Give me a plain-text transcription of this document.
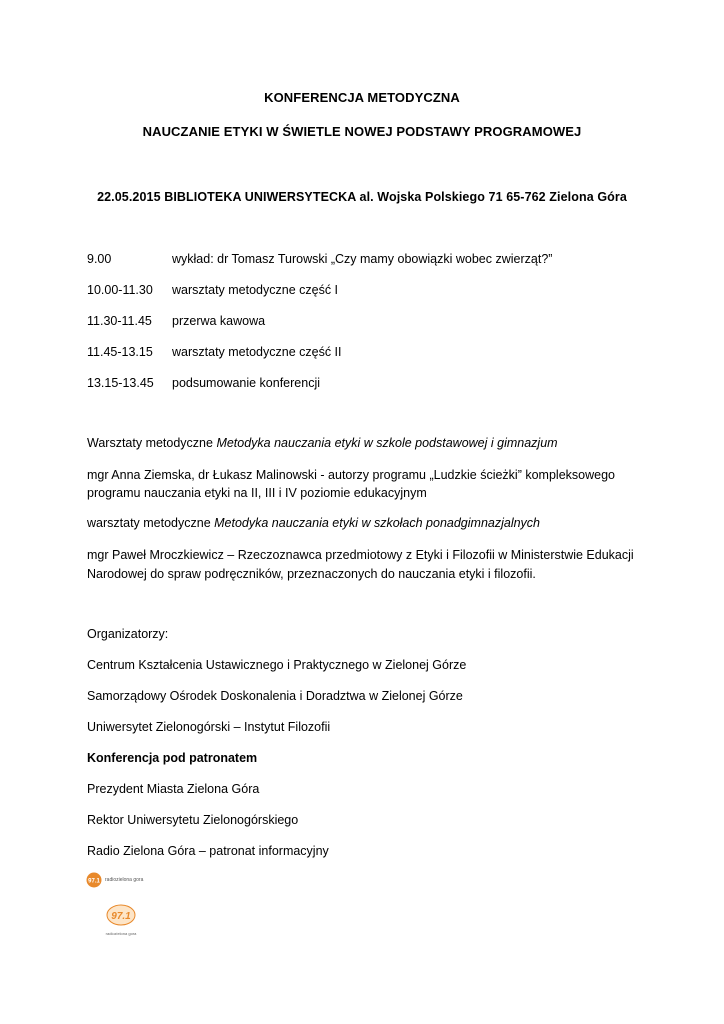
KONFERENCJA METODYCZNA
NAUCZANIE ETYKI W ŚWIETLE NOWEJ PODSTAWY PROGRAMOWEJ
22.05.2015 BIBLIOTEKA UNIWERSYTECKA al. Wojska Polskiego 71 65-762 Zielona Góra
9.00	wykład: dr Tomasz Turowski „Czy mamy obowiązki wobec zwierząt?”
10.00-11.30 warsztaty metodyczne część I
11.30-11.45 przerwa kawowa
11.45-13.15 warsztaty metodyczne część II
13.15-13.45 podsumowanie konferencji
Warsztaty metodyczne Metodyka nauczania etyki w szkole podstawowej i gimnazjum
mgr Anna Ziemska, dr Łukasz Malinowski - autorzy programu „Ludzkie ścieżki” kompleksowego
programu nauczania etyki na II, III i IV poziomie edukacyjnym
warsztaty metodyczne Metodyka nauczania etyki w szkołach ponadgimnazjalnych
mgr Paweł Mroczkiewicz – Rzeczoznawca przedmiotowy z Etyki i Filozofii w Ministerstwie Edukacji
Narodowej do spraw podręczników, przeznaczonych do nauczania etyki i filozofii.
Organizatorzy:
Centrum Kształcenia Ustawicznego i Praktycznego w Zielonej Górze
Samorządowy Ośrodek Doskonalenia i Doradztwa w Zielonej Górze
Uniwersytet Zielonogórski – Instytut Filozofii
Konferencja pod patronatem
Prezydent Miasta Zielona Góra
Rektor Uniwersytetu Zielonogórskiego
Radio Zielona Góra – patronat informacyjny
97.1 radiozielona gora
97.1
radiozielona gora
